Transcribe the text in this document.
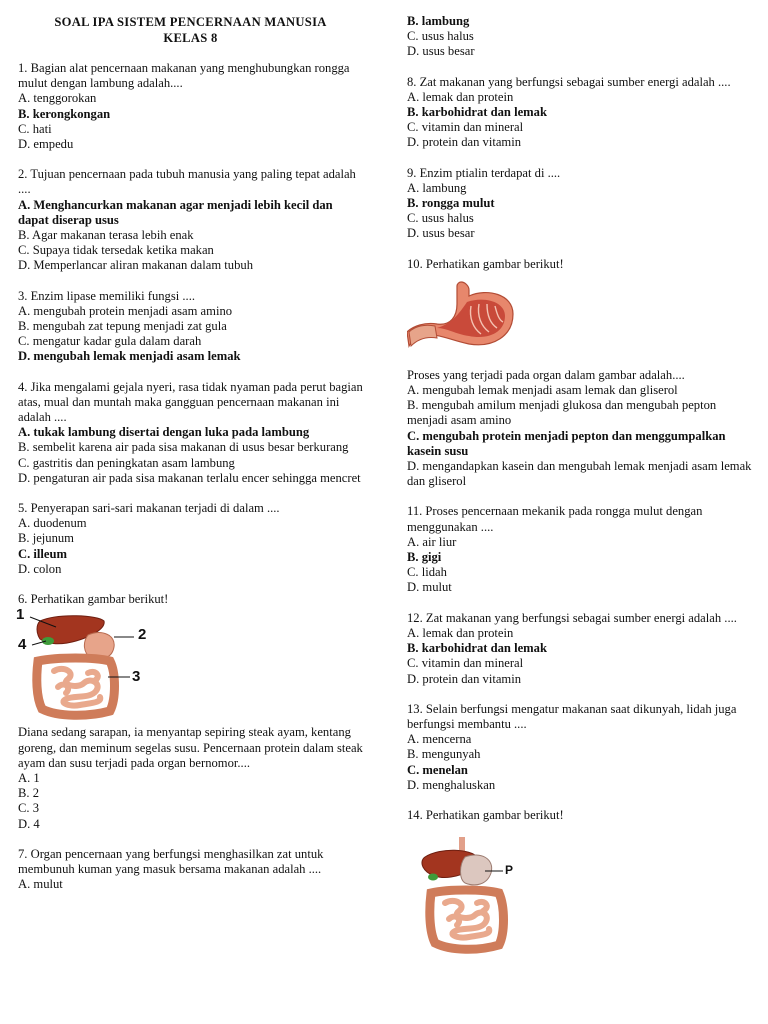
SOAL IPA SISTEM PENCERNAAN MANUSIA
KELAS 8

1. Bagian alat pencernaan makanan yang menghubungkan rongga mulut dengan lambung adalah....

A. tenggorokan

B. kerongkongan

C. hati

D. empedu

2. Tujuan pencernaan pada tubuh manusia yang paling tepat adalah ....

A. Menghancurkan makanan agar menjadi lebih kecil dan dapat diserap usus

B. Agar makanan terasa lebih enak

C. Supaya tidak tersedak ketika makan

D. Memperlancar aliran makanan dalam tubuh

3. Enzim lipase memiliki fungsi ....

A. mengubah protein menjadi asam amino

B. mengubah zat tepung menjadi zat gula

C. mengatur kadar gula dalam darah

D. mengubah lemak menjadi asam lemak

4. Jika mengalami gejala nyeri, rasa tidak nyaman pada perut bagian atas, mual dan muntah maka gangguan pencernaan makanan ini adalah ....

A. tukak lambung disertai dengan luka pada lambung

B. sembelit karena air pada sisa makanan di usus besar berkurang

C. gastritis dan peningkatan asam lambung

D. pengaturan air pada sisa makanan terlalu encer sehingga mencret

5. Penyerapan sari-sari makanan terjadi di dalam ....

A. duodenum

B. jejunum

C. illeum

D. colon

6. Perhatikan gambar berikut!

1
2
3
4

Diana sedang sarapan, ia menyantap sepiring steak ayam, kentang goreng, dan meminum segelas susu. Pencernaan protein dalam steak ayam dan susu terjadi pada organ bernomor....

A. 1

B. 2

C. 3

D. 4

7. Organ pencernaan yang berfungsi menghasilkan zat untuk membunuh kuman yang masuk bersama makanan adalah ....

A. mulut

B. lambung

C. usus halus

D. usus besar

8. Zat makanan yang berfungsi sebagai sumber energi adalah ....

A. lemak dan protein

B. karbohidrat dan lemak

C. vitamin dan mineral

D. protein dan vitamin

9. Enzim ptialin terdapat di ....

A. lambung

B. rongga mulut

C. usus halus

D. usus besar

10. Perhatikan gambar berikut!

Proses yang terjadi pada organ dalam gambar adalah....

A. mengubah lemak menjadi asam lemak dan gliserol

B. mengubah amilum menjadi glukosa dan mengubah pepton menjadi asam amino

C. mengubah protein menjadi pepton dan menggumpalkan kasein susu

D. mengandapkan kasein dan mengubah lemak menjadi asam lemak dan gliserol

11. Proses pencernaan mekanik pada rongga mulut dengan menggunakan ....

A. air liur

B. gigi

C. lidah

D. mulut

12. Zat makanan yang berfungsi sebagai sumber energi adalah ....

A. lemak dan protein

B. karbohidrat dan lemak

C. vitamin dan mineral

D. protein dan vitamin

13. Selain berfungsi mengatur makanan saat dikunyah, lidah juga berfungsi membantu ....

A. mencerna

B. mengunyah

C. menelan

D. menghaluskan

14. Perhatikan gambar berikut!

P
